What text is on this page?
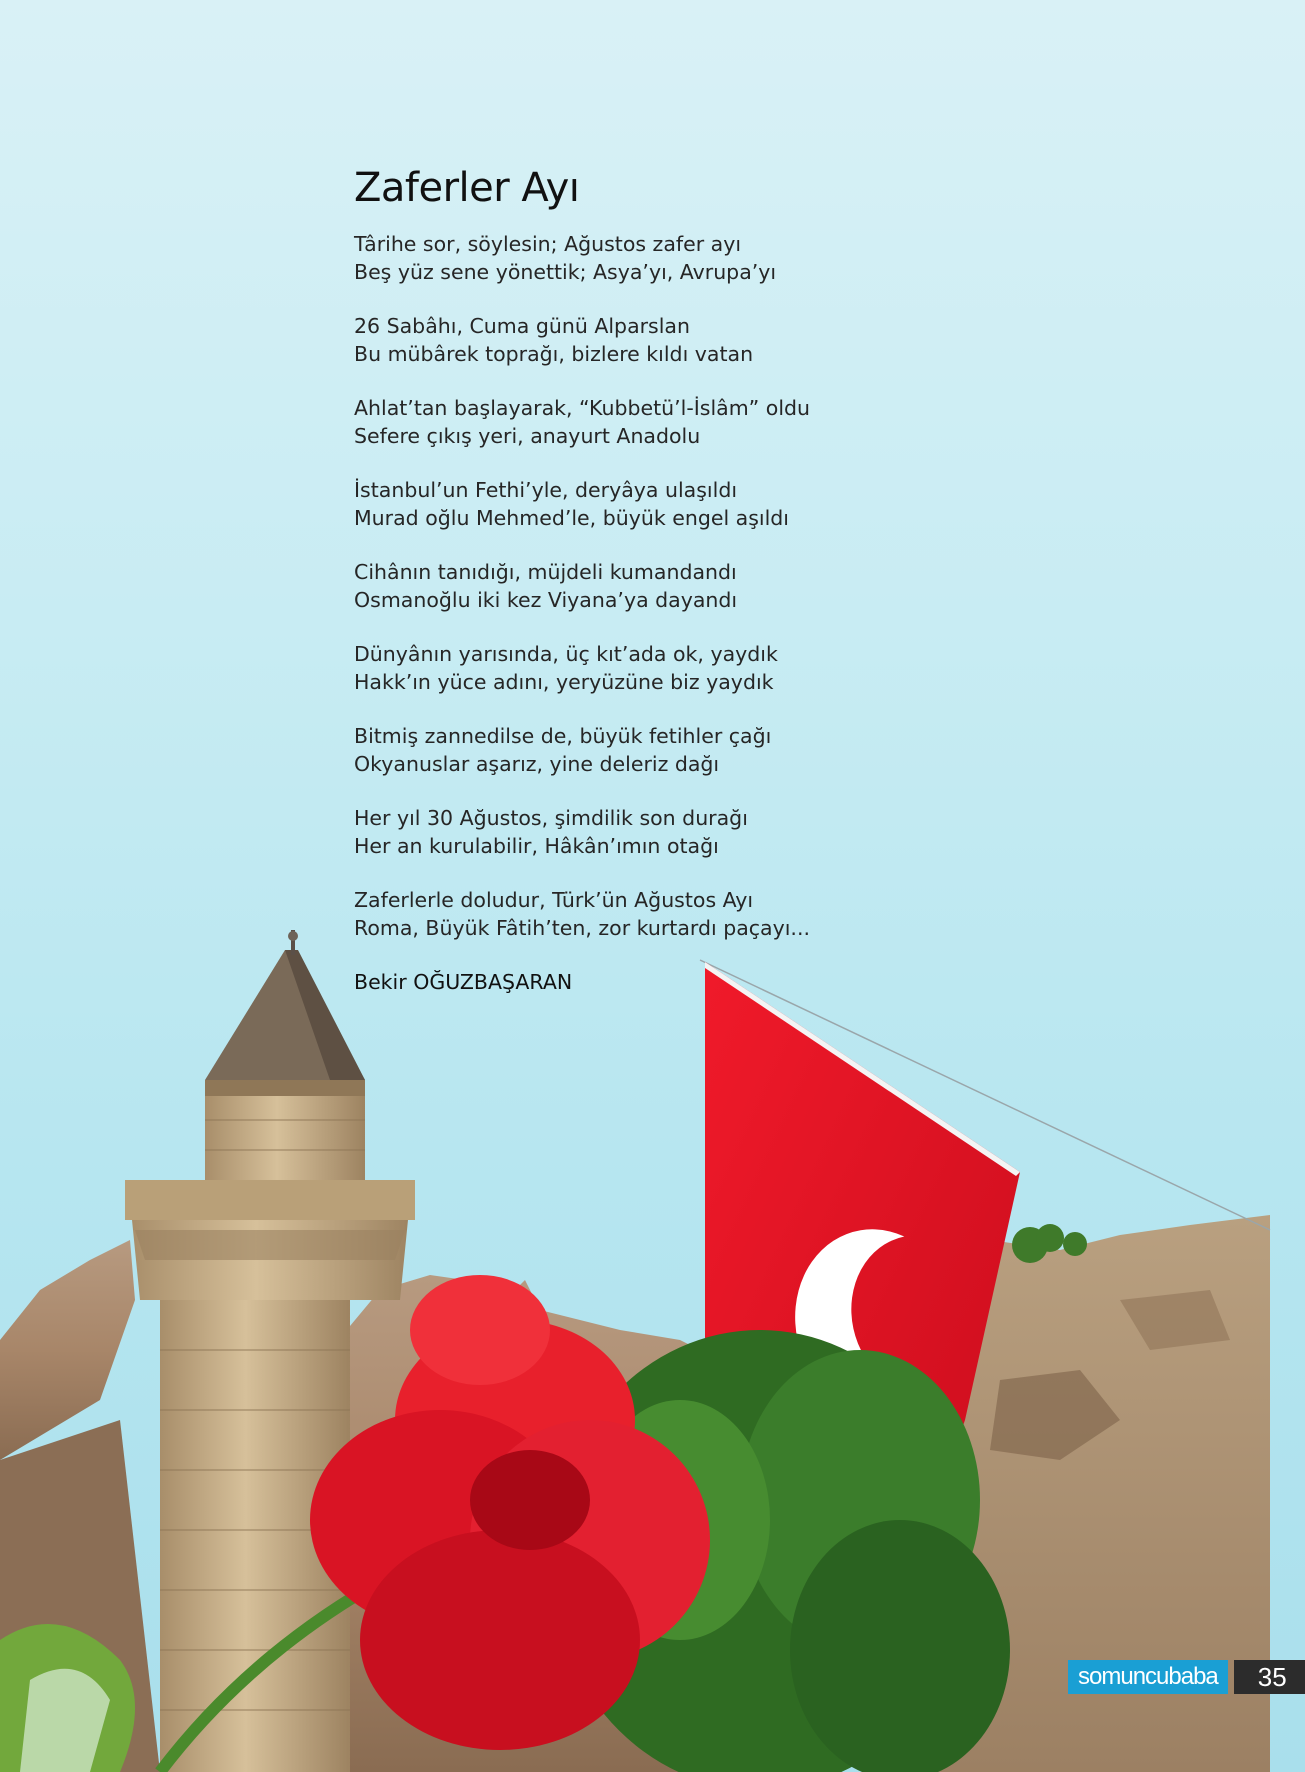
Zaferler Ayı
Târihe sor, söylesin; Ağustos zafer ayı
Beş yüz sene yönettik; Asya’yı, Avrupa’yı
26 Sabâhı, Cuma günü Alparslan
Bu mübârek toprağı, bizlere kıldı vatan
Ahlat’tan başlayarak, “Kubbetü’l-İslâm” oldu
Sefere çıkış yeri, anayurt Anadolu
İstanbul’un Fethi’yle, deryâya ulaşıldı
Murad oğlu Mehmed’le, büyük engel aşıldı
Cihânın tanıdığı, müjdeli kumandandı
Osmanoğlu iki kez Viyana’ya dayandı
Dünyânın yarısında, üç kıt’ada ok, yaydık
Hakk’ın yüce adını, yeryüzüne biz yaydık
Bitmiş zannedilse de, büyük fetihler çağı
Okyanuslar aşarız, yine deleriz dağı
Her yıl 30 Ağustos, şimdilik son durağı
Her an kurulabilir, Hâkân’ımın otağı
Zaferlerle doludur, Türk’ün Ağustos Ayı
Roma, Büyük Fâtih’ten, zor kurtardı paçayı...
Bekir OĞUZBAŞARAN
somuncubaba	35
